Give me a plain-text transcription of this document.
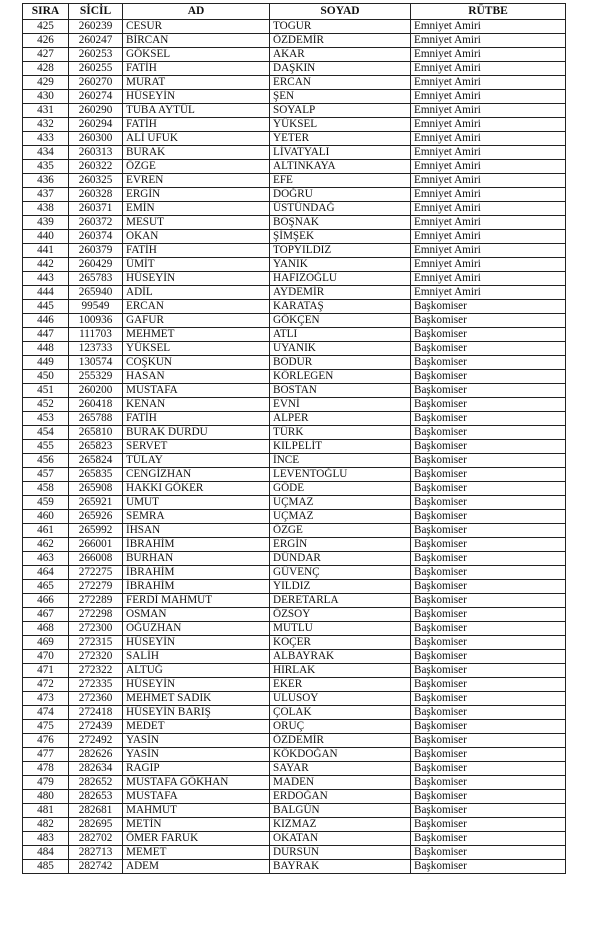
SIRA	SİCİL	AD	SOYAD	RÜTBE
425	260239	CESUR	TOGUR	Emniyet Amiri
426	260247	BİRCAN	ÖZDEMİR	Emniyet Amiri
427	260253	GÖKSEL	AKAR	Emniyet Amiri
428	260255	FATİH	DAŞKIN	Emniyet Amiri
429	260270	MURAT	ERCAN	Emniyet Amiri
430	260274	HÜSEYİN	ŞEN	Emniyet Amiri
431	260290	TUBA AYTÜL	SOYALP	Emniyet Amiri
432	260294	FATİH	YÜKSEL	Emniyet Amiri
433	260300	ALİ UFUK	YETER	Emniyet Amiri
434	260313	BURAK	LİVATYALI	Emniyet Amiri
435	260322	ÖZGE	ALTINKAYA	Emniyet Amiri
436	260325	EVREN	EFE	Emniyet Amiri
437	260328	ERGİN	DOĞRU	Emniyet Amiri
438	260371	EMİN	ÜSTÜNDAĞ	Emniyet Amiri
439	260372	MESUT	BOŞNAK	Emniyet Amiri
440	260374	OKAN	ŞİMŞEK	Emniyet Amiri
441	260379	FATİH	TOPYILDIZ	Emniyet Amiri
442	260429	ÜMİT	YANIK	Emniyet Amiri
443	265783	HÜSEYİN	HAFIZOĞLU	Emniyet Amiri
444	265940	ADİL	AYDEMİR	Emniyet Amiri
445	99549	ERCAN	KARATAŞ	Başkomiser
446	100936	GAFUR	GÖKÇEN	Başkomiser
447	111703	MEHMET	ATLI	Başkomiser
448	123733	YÜKSEL	UYANIK	Başkomiser
449	130574	COŞKUN	BODUR	Başkomiser
450	255329	HASAN	KÖRLEGEN	Başkomiser
451	260200	MUSTAFA	BOSTAN	Başkomiser
452	260418	KENAN	EVNİ	Başkomiser
453	265788	FATİH	ALPER	Başkomiser
454	265810	BURAK DURDU	TÜRK	Başkomiser
455	265823	SERVET	KILPELİT	Başkomiser
456	265824	TÜLAY	İNCE	Başkomiser
457	265835	CENGİZHAN	LEVENTOĞLU	Başkomiser
458	265908	HAKKI GÖKER	GÖDE	Başkomiser
459	265921	UMUT	UÇMAZ	Başkomiser
460	265926	SEMRA	UÇMAZ	Başkomiser
461	265992	İHSAN	ÖZGE	Başkomiser
462	266001	İBRAHİM	ERGİN	Başkomiser
463	266008	BURHAN	DÜNDAR	Başkomiser
464	272275	İBRAHİM	GÜVENÇ	Başkomiser
465	272279	İBRAHİM	YILDIZ	Başkomiser
466	272289	FERDİ MAHMUT	DERETARLA	Başkomiser
467	272298	OSMAN	ÖZSOY	Başkomiser
468	272300	OĞUZHAN	MUTLU	Başkomiser
469	272315	HÜSEYİN	KOÇER	Başkomiser
470	272320	SALİH	ALBAYRAK	Başkomiser
471	272322	ALTUĞ	HIRLAK	Başkomiser
472	272335	HÜSEYİN	EKER	Başkomiser
473	272360	MEHMET SADIK	ULUSOY	Başkomiser
474	272418	HÜSEYİN BARIŞ	ÇOLAK	Başkomiser
475	272439	MEDET	ORUÇ	Başkomiser
476	272492	YASİN	ÖZDEMİR	Başkomiser
477	282626	YASİN	KÖKDOĞAN	Başkomiser
478	282634	RAGIP	SAYAR	Başkomiser
479	282652	MUSTAFA GÖKHAN	MADEN	Başkomiser
480	282653	MUSTAFA	ERDOĞAN	Başkomiser
481	282681	MAHMUT	BALGÜN	Başkomiser
482	282695	METİN	KIZMAZ	Başkomiser
483	282702	ÖMER FARUK	OKATAN	Başkomiser
484	282713	MEMET	DURSUN	Başkomiser
485	282742	ADEM	BAYRAK	Başkomiser
